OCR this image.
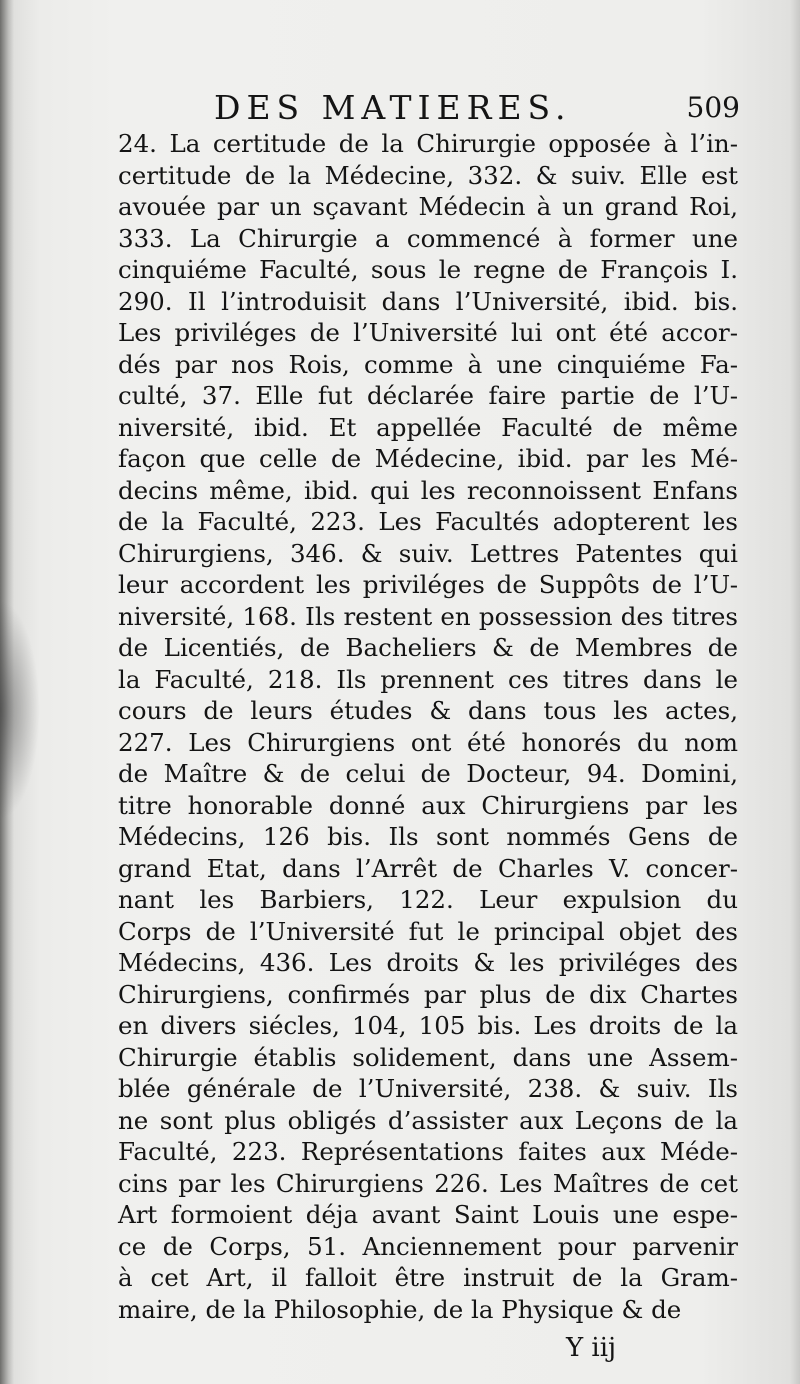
DES MATIERES.	509
24. La certitude de la Chirurgie opposée à l’in-
certitude de la Médecine, 332. & suiv. Elle est
avouée par un sçavant Médecin à un grand Roi,
333. La Chirurgie a commencé à former une
cinquiéme Faculté, sous le regne de François I.
290. Il l’introduisit dans l’Université, ibid. bis.
Les priviléges de l’Université lui ont été accor-
dés par nos Rois, comme à une cinquiéme Fa-
culté, 37. Elle fut déclarée faire partie de l’U-
niversité, ibid. Et appellée Faculté de même
façon que celle de Médecine, ibid. par les Mé-
decins même, ibid. qui les reconnoissent Enfans
de la Faculté, 223. Les Facultés adopterent les
Chirurgiens, 346. & suiv. Lettres Patentes qui
leur accordent les priviléges de Suppôts de l’U-
niversité, 168. Ils restent en possession des titres
de Licentiés, de Bacheliers & de Membres de
la Faculté, 218. Ils prennent ces titres dans le
cours de leurs études & dans tous les actes,
227. Les Chirurgiens ont été honorés du nom
de Maître & de celui de Docteur, 94. Domini,
titre honorable donné aux Chirurgiens par les
Médecins, 126 bis. Ils sont nommés Gens de
grand Etat, dans l’Arrêt de Charles V. concer-
nant les Barbiers, 122. Leur expulsion du
Corps de l’Université fut le principal objet des
Médecins, 436. Les droits & les priviléges des
Chirurgiens, confirmés par plus de dix Chartes
en divers siécles, 104, 105 bis. Les droits de la
Chirurgie établis solidement, dans une Assem-
blée générale de l’Université, 238. & suiv. Ils
ne sont plus obligés d’assister aux Leçons de la
Faculté, 223. Représentations faites aux Méde-
cins par les Chirurgiens 226. Les Maîtres de cet
Art formoient déja avant Saint Louis une espe-
ce de Corps, 51. Anciennement pour parvenir
à cet Art, il falloit être instruit de la Gram-
maire, de la Philosophie, de la Physique & de
Y iij
